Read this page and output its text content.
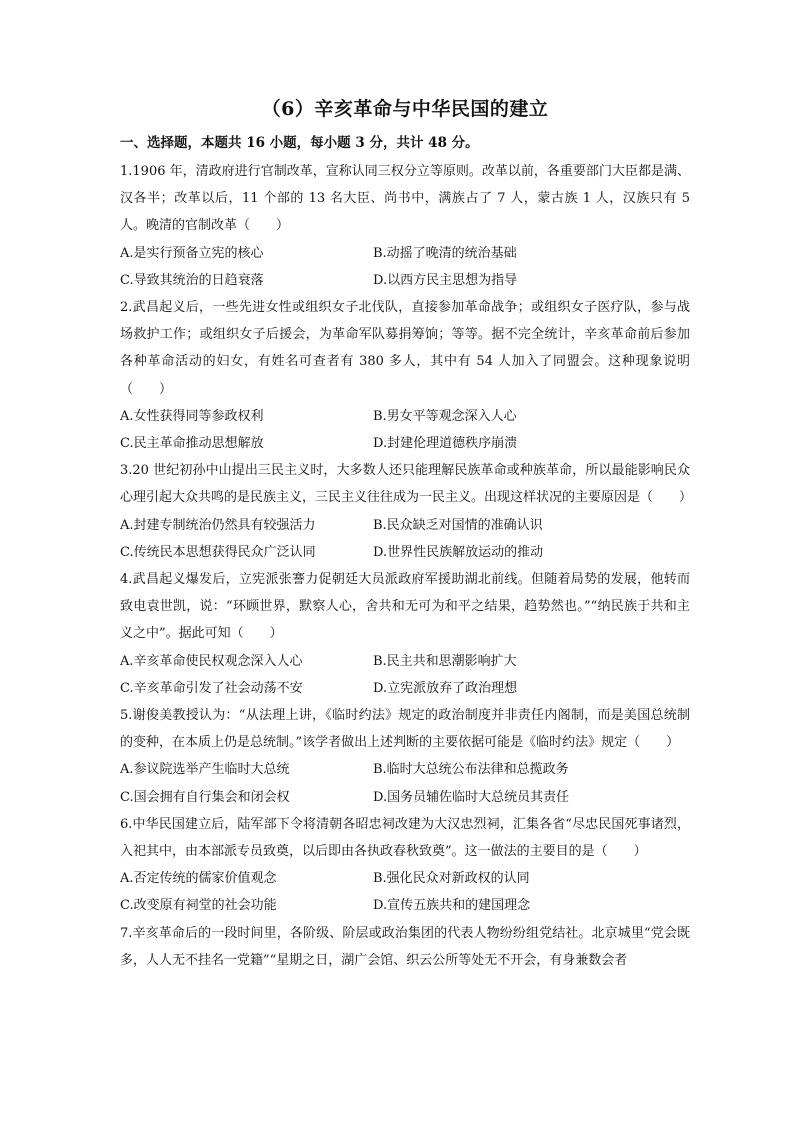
（6）辛亥革命与中华民国的建立
一、选择题，本题共 16 小题，每小题 3 分，共计 48 分。

1.1906 年，清政府进行官制改革，宣称认同三权分立等原则。改革以前，各重要部门大臣都是满、汉各半；改革以后，11 个部的 13 名大臣、尚书中，满族占了 7 人，蒙古族 1 人，汉族只有 5 人。晚清的官制改革（　　）

A.是实行预备立宪的核心	B.动摇了晚清的统治基础
C.导致其统治的日趋衰落	D.以西方民主思想为指导

2.武昌起义后，一些先进女性或组织女子北伐队，直接参加革命战争；或组织女子医疗队，参与战场救护工作；或组织女子后援会，为革命军队募捐筹饷；等等。据不完全统计，辛亥革命前后参加各种革命活动的妇女，有姓名可查者有 380 多人，其中有 54 人加入了同盟会。这种现象说明（　　）

A.女性获得同等参政权利	B.男女平等观念深入人心
C.民主革命推动思想解放	D.封建伦理道德秩序崩溃

3.20 世纪初孙中山提出三民主义时，大多数人还只能理解民族革命或种族革命，所以最能影响民众心理引起大众共鸣的是民族主义，三民主义往往成为一民主义。出现这样状况的主要原因是（　　）

A.封建专制统治仍然具有较强活力	B.民众缺乏对国情的准确认识
C.传统民本思想获得民众广泛认同	D.世界性民族解放运动的推动

4.武昌起义爆发后，立宪派张謇力促朝廷大员派政府军援助湖北前线。但随着局势的发展，他转而致电袁世凯，说：“环顾世界，默察人心，舍共和无可为和平之结果，趋势然也。”“纳民族于共和主义之中”。据此可知（　　）

A.辛亥革命使民权观念深入人心	B.民主共和思潮影响扩大
C.辛亥革命引发了社会动荡不安	D.立宪派放弃了政治理想

5.谢俊美教授认为：“从法理上讲，《临时约法》规定的政治制度并非责任内阁制，而是美国总统制的变种，在本质上仍是总统制。”该学者做出上述判断的主要依据可能是《临时约法》规定（　　）

A.参议院选举产生临时大总统	B.临时大总统公布法律和总揽政务
C.国会拥有自行集会和闭会权	D.国务员辅佐临时大总统员其责任

6.中华民国建立后，陆军部下令将清朝各昭忠祠改建为大汉忠烈祠，汇集各省“尽忠民国死事诸烈，入祀其中，由本部派专员致奠，以后即由各执政春秋致奠”。这一做法的主要目的是（　　）

A.否定传统的儒家价值观念	B.强化民众对新政权的认同
C.改变原有祠堂的社会功能	D.宣传五族共和的建国理念

7.辛亥革命后的一段时间里，各阶级、阶层或政治集团的代表人物纷纷组党结社。北京城里“党会既多，人人无不挂名一党籍”“星期之日，湖广会馆、织云公所等处无不开会，有身兼数会者
